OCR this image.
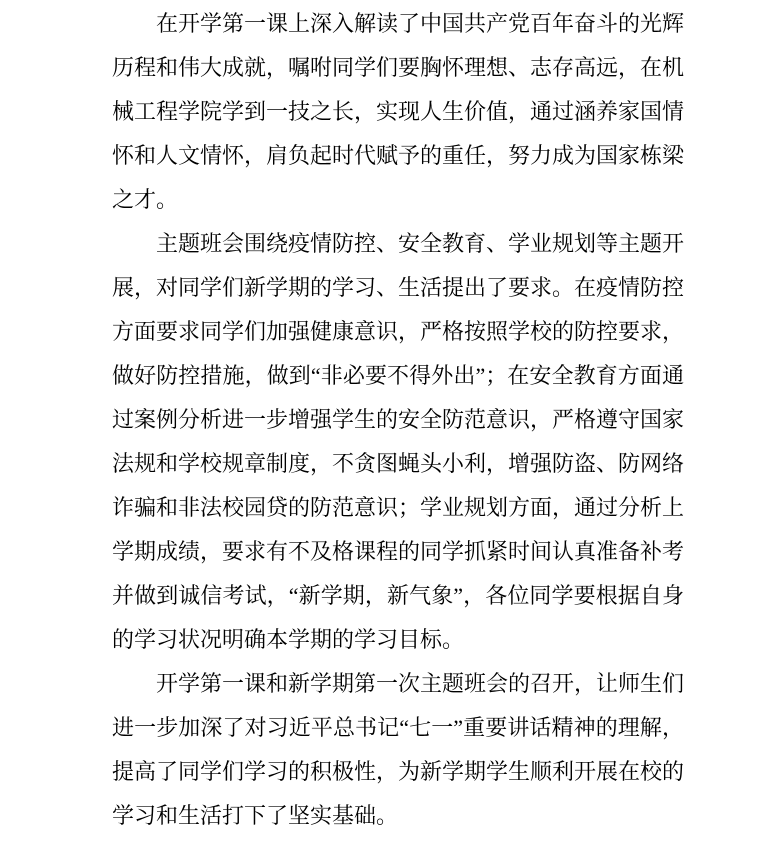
在开学第一课上深入解读了中国共产党百年奋斗的光辉历程和伟大成就，嘱咐同学们要胸怀理想、志存高远，在机械工程学院学到一技之长，实现人生价值，通过涵养家国情怀和人文情怀，肩负起时代赋予的重任，努力成为国家栋梁之才。

主题班会围绕疫情防控、安全教育、学业规划等主题开展，对同学们新学期的学习、生活提出了要求。在疫情防控方面要求同学们加强健康意识，严格按照学校的防控要求，做好防控措施，做到“非必要不得外出”；在安全教育方面通过案例分析进一步增强学生的安全防范意识，严格遵守国家法规和学校规章制度，不贪图蝇头小利，增强防盗、防网络诈骗和非法校园贷的防范意识；学业规划方面，通过分析上学期成绩，要求有不及格课程的同学抓紧时间认真准备补考并做到诚信考试，“新学期，新气象”，各位同学要根据自身的学习状况明确本学期的学习目标。

开学第一课和新学期第一次主题班会的召开，让师生们进一步加深了对习近平总书记“七一”重要讲话精神的理解，提高了同学们学习的积极性，为新学期学生顺利开展在校的学习和生活打下了坚实基础。
